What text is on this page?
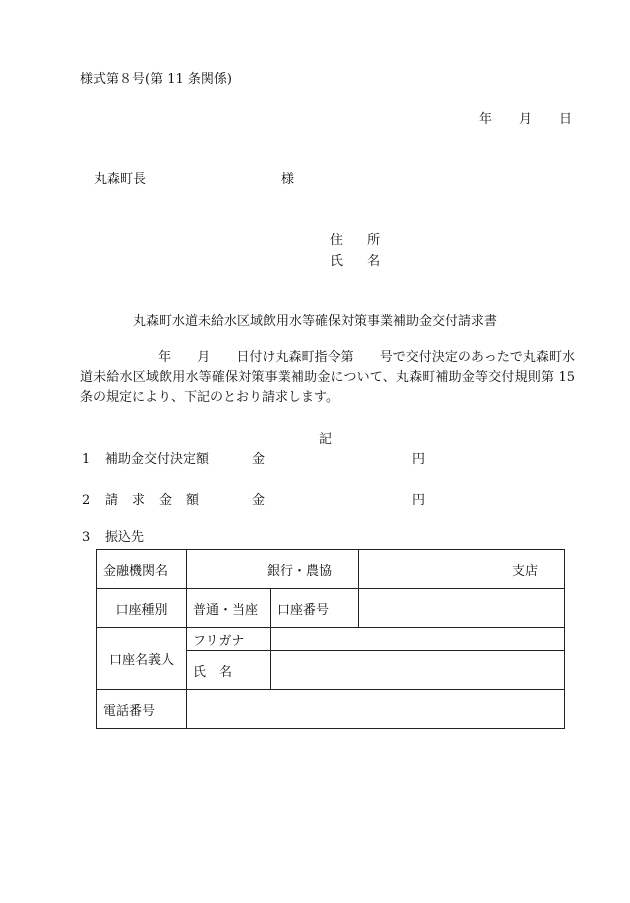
様式第８号(第 11 条関係)
年 月 日
丸森町長	様
住 所
氏 名
丸森町水道未給水区域飲用水等確保対策事業補助金交付請求書
　　　　　　年　　月　　日付け丸森町指令第　　号で交付決定のあったで丸森町水道未給水区域飲用水等確保対策事業補助金について、丸森町補助金等交付規則第 15 条の規定により、下記のとおり請求します。
記
1 補助金交付決定額	金	円
2 請求金額	金	円
3 振込先
金融機関名	銀行・農協		支店
口座種別	普通・当座	口座番号	
口座名義人	フリガナ		
	氏　名		
電話番号			
